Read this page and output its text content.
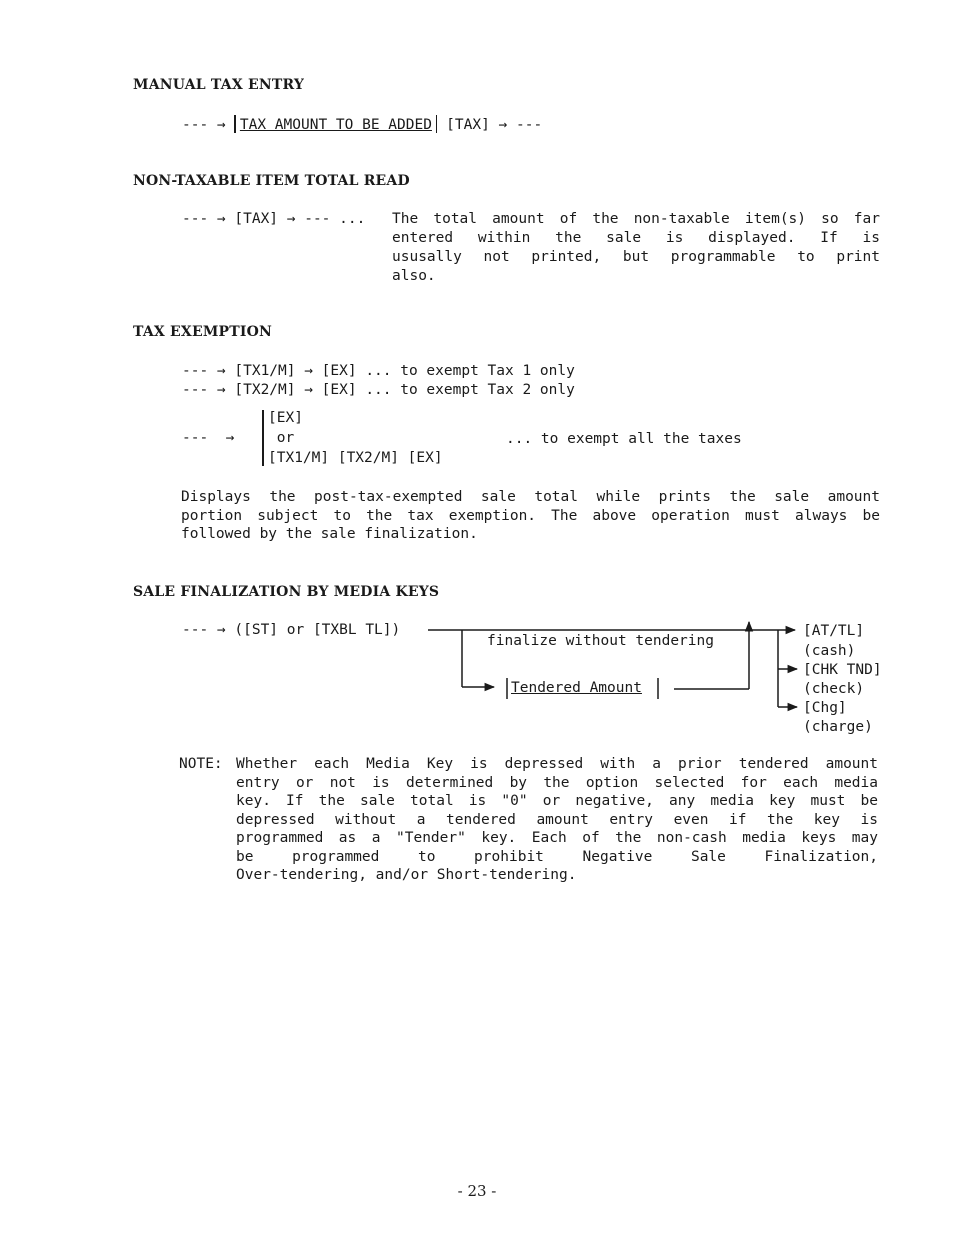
MANUAL TAX ENTRY
--- → TAX AMOUNT TO BE ADDED [TAX] → ---
NON-TAXABLE ITEM TOTAL READ
--- → [TAX] → --- ... The total amount of the non-taxable item(s) so far
entered within the sale is displayed. If is
ususally not printed, but programmable to print
also.
TAX EXEMPTION
--- → [TX1/M] → [EX] ... to exempt Tax 1 only
--- → [TX2/M] → [EX] ... to exempt Tax 2 only
[EX]
---  → or	... to exempt all the taxes
[TX1/M] [TX2/M] [EX]
Displays the post-tax-exempted sale total while prints the sale amount
portion subject to the tax exemption. The above operation must always be
followed by the sale finalization.
SALE FINALIZATION BY MEDIA KEYS
--- → ([ST] or [TXBL TL])
finalize without tendering
Tendered Amount
[AT/TL]
(cash)
[CHK TND]
(check)
[Chg]
(charge)
NOTE: Whether each Media Key is depressed with a prior tendered amount
entry or not is determined by the option selected for each media
key. If the sale total is "0" or negative, any media key must be
depressed without a tendered amount entry even if the key is
programmed as a "Tender" key. Each of the non-cash media keys may
be programmed to prohibit Negative Sale Finalization,
Over-tendering, and/or Short-tendering.
- 23 -
